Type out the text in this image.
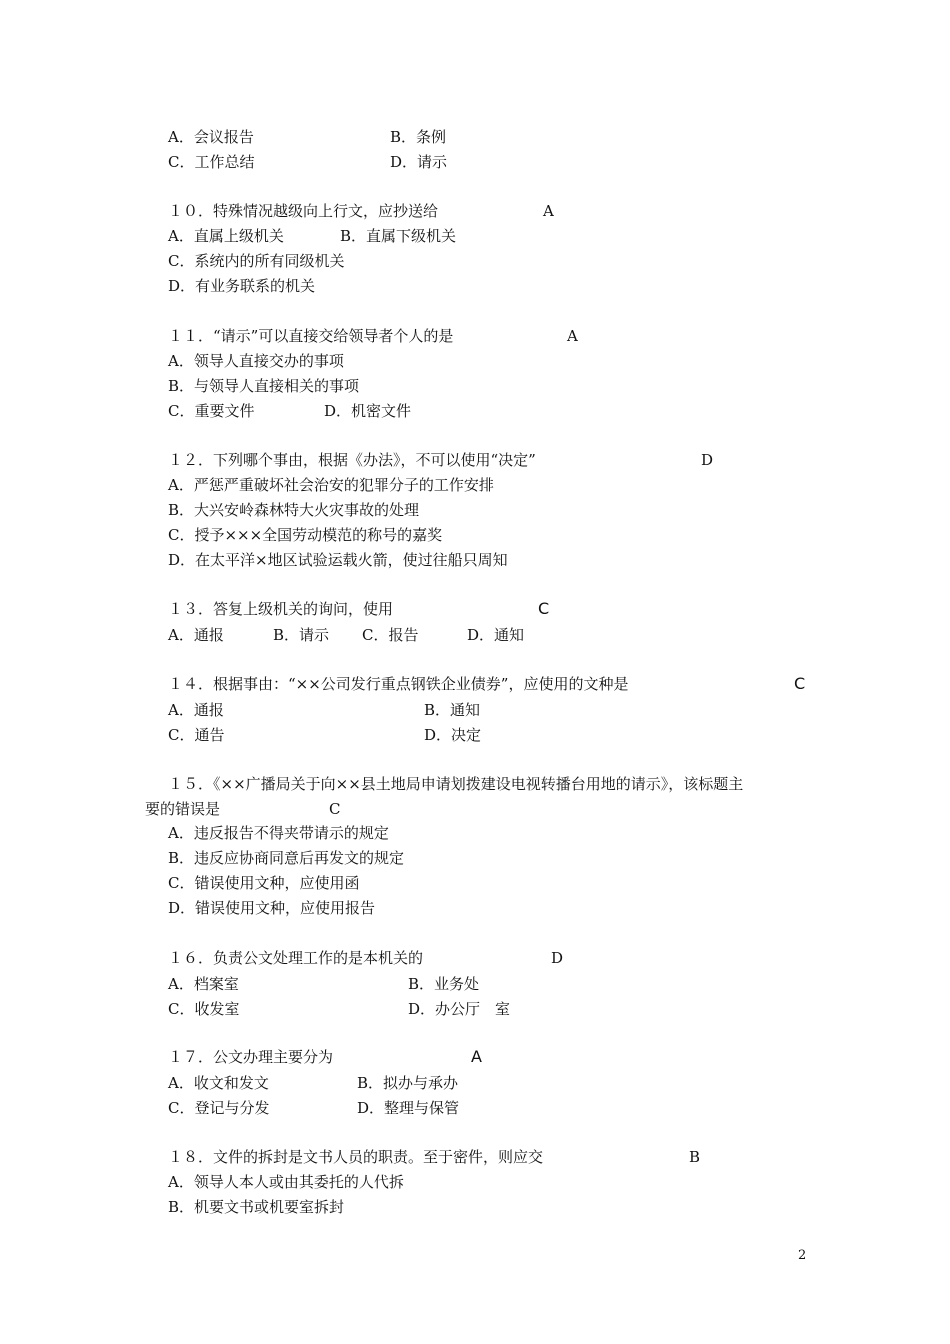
A．会议报告	B．条例
C．工作总结	D．请示
１０．特殊情况越级向上行文，应抄送给	A
A．直属上级机关	B．直属下级机关
C．系统内的所有同级机关
D．有业务联系的机关
１１．“请示”可以直接交给领导者个人的是	A
A．领导人直接交办的事项
B．与领导人直接相关的事项
C．重要文件	D．机密文件
１２．下列哪个事由，根据《办法》，不可以使用“决定”	D
A．严惩严重破坏社会治安的犯罪分子的工作安排
B．大兴安岭森林特大火灾事故的处理
C．授予×××全国劳动模范的称号的嘉奖
D．在太平洋×地区试验运载火箭，使过往船只周知
１３．答复上级机关的询问，使用	C
A．通报	B．请示 C．报告	D．通知
１４．根据事由：“××公司发行重点钢铁企业债券”，应使用的文种是	C
A．通报	B．通知
C．通告	D．决定
１５．《××广播局关于向××县土地局申请划拨建设电视转播台用地的请示》，该标题主
要的错误是	C
A．违反报告不得夹带请示的规定
B．违反应协商同意后再发文的规定
C．错误使用文种，应使用函
D．错误使用文种，应使用报告
１６．负责公文处理工作的是本机关的	D
A．档案室	B．业务处
C．收发室	D．办公厅　室
１７．公文办理主要分为	A
A．收文和发文	B．拟办与承办
C．登记与分发	D．整理与保管
１８．文件的拆封是文书人员的职责。至于密件，则应交	B
A．领导人本人或由其委托的人代拆
B．机要文书或机要室拆封
2
